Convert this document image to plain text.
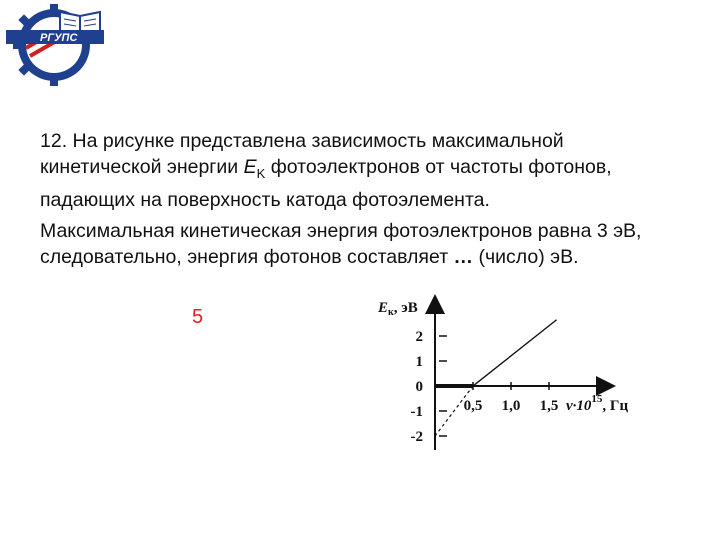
РГУПС

12. На рисунке представлена зависимость максимальной кинетической энергии $E_K$ фотоэлектронов от частоты фотонов, падающих на поверхность катода фотоэлемента.

Максимальная кинетическая энергия фотоэлектронов равна 3 эВ, следовательно, энергия фотонов составляет … (число) эВ.

5
2
1
0
-1
-2
0,5 1,0 1,5
$E_к$, эВ
$\nu\cdot 10^{15}$, Гц
